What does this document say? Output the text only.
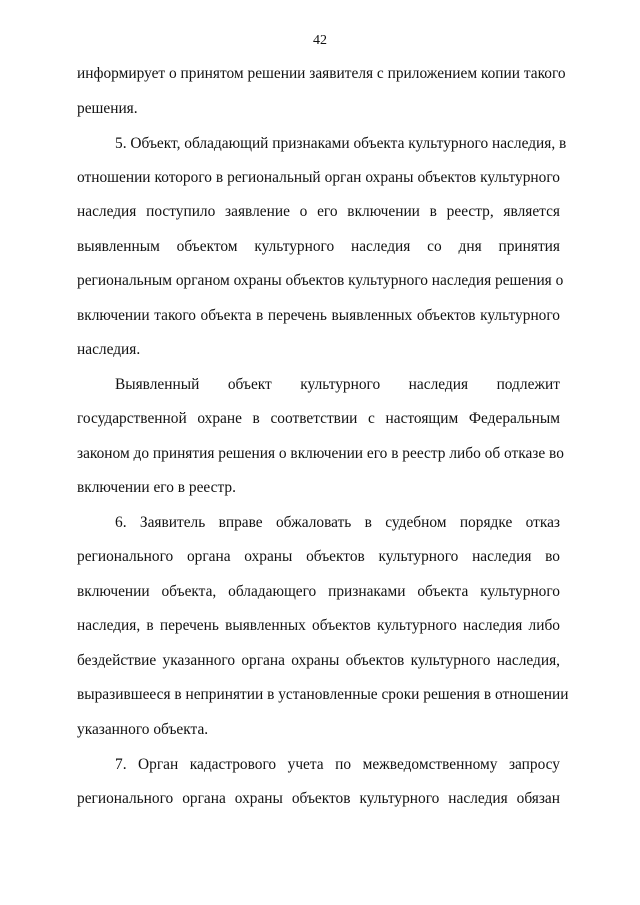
42
информирует о принятом решении заявителя с приложением копии такого
решения.
5. Объект, обладающий признаками объекта культурного наследия, в
отношении которого в региональный орган охраны объектов культурного
наследия поступило заявление о его включении в реестр, является
выявленным объектом культурного наследия со дня принятия
региональным органом охраны объектов культурного наследия решения о
включении такого объекта в перечень выявленных объектов культурного
наследия.
Выявленный объект культурного наследия подлежит
государственной охране в соответствии с настоящим Федеральным
законом до принятия решения о включении его в реестр либо об отказе во
включении его в реестр.
6. Заявитель вправе обжаловать в судебном порядке отказ
регионального органа охраны объектов культурного наследия во
включении объекта, обладающего признаками объекта культурного
наследия, в перечень выявленных объектов культурного наследия либо
бездействие указанного органа охраны объектов культурного наследия,
выразившееся в непринятии в установленные сроки решения в отношении
указанного объекта.
7. Орган кадастрового учета по межведомственному запросу
регионального органа охраны объектов культурного наследия обязан
